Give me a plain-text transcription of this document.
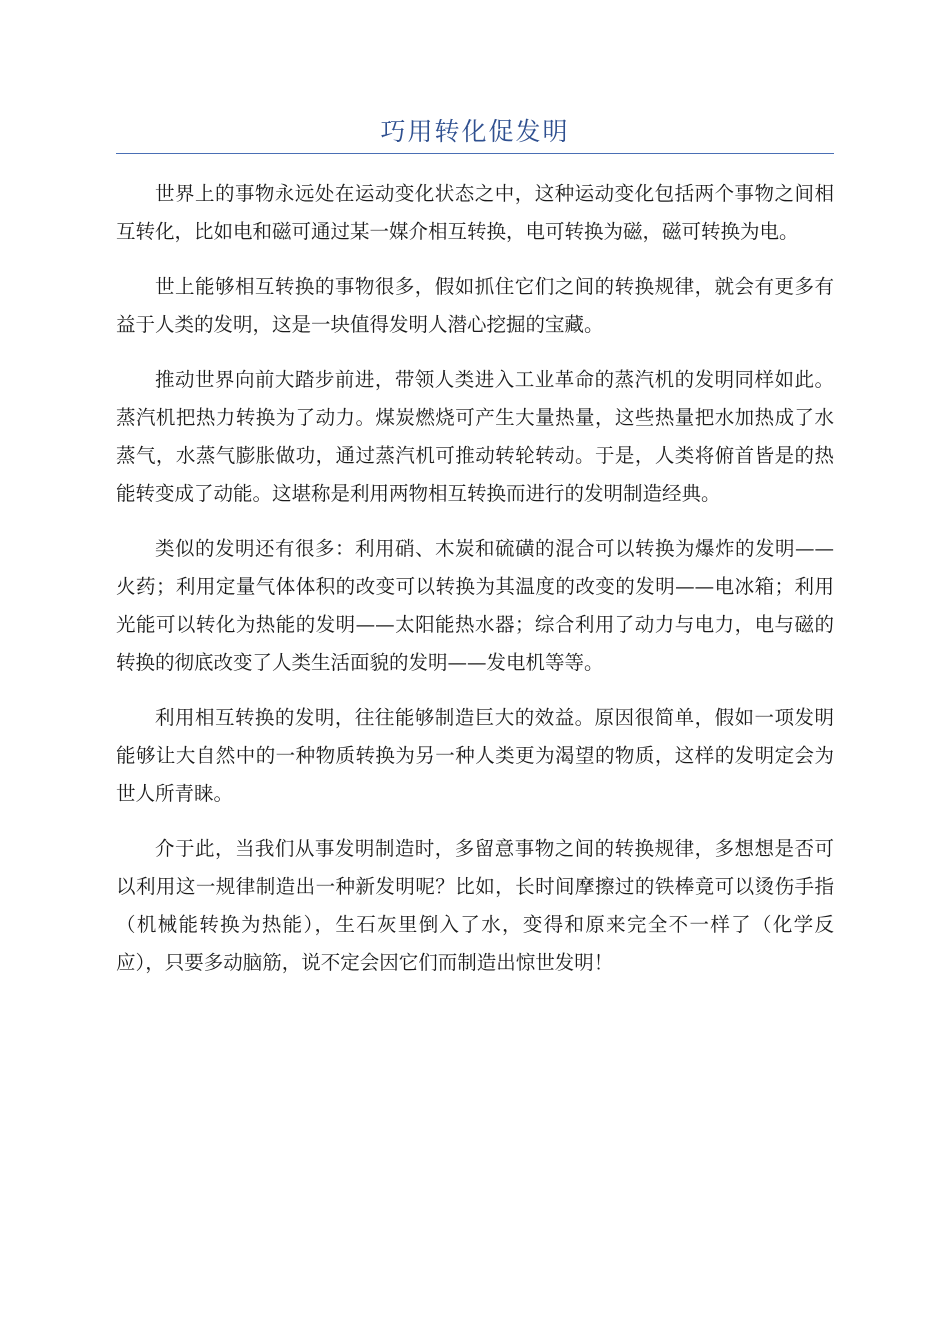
巧用转化促发明

世界上的事物永远处在运动变化状态之中，这种运动变化包括两个事物之间相互转化，比如电和磁可通过某一媒介相互转换，电可转换为磁，磁可转换为电。

世上能够相互转换的事物很多，假如抓住它们之间的转换规律，就会有更多有益于人类的发明，这是一块值得发明人潜心挖掘的宝藏。

推动世界向前大踏步前进，带领人类进入工业革命的蒸汽机的发明同样如此。蒸汽机把热力转换为了动力。煤炭燃烧可产生大量热量，这些热量把水加热成了水蒸气，水蒸气膨胀做功，通过蒸汽机可推动转轮转动。于是，人类将俯首皆是的热能转变成了动能。这堪称是利用两物相互转换而进行的发明制造经典。

类似的发明还有很多：利用硝、木炭和硫磺的混合可以转换为爆炸的发明——火药；利用定量气体体积的改变可以转换为其温度的改变的发明——电冰箱；利用光能可以转化为热能的发明——太阳能热水器；综合利用了动力与电力，电与磁的转换的彻底改变了人类生活面貌的发明——发电机等等。

利用相互转换的发明，往往能够制造巨大的效益。原因很简单，假如一项发明能够让大自然中的一种物质转换为另一种人类更为渴望的物质，这样的发明定会为世人所青睐。

介于此，当我们从事发明制造时，多留意事物之间的转换规律，多想想是否可以利用这一规律制造出一种新发明呢？比如，长时间摩擦过的铁棒竟可以烫伤手指（机械能转换为热能），生石灰里倒入了水，变得和原来完全不一样了（化学反应），只要多动脑筋，说不定会因它们而制造出惊世发明！
